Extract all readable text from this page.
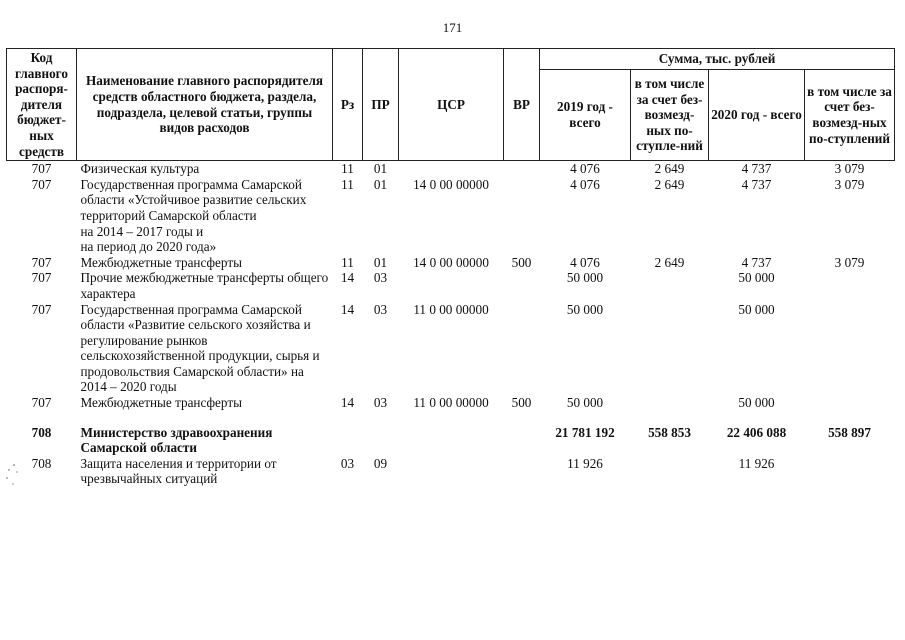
171
Код главного распоря-дителя бюджет-ных средств	Наименование главного распорядителя средств областного бюджета, раздела, подраздела, целевой статьи, группы видов расходов	Рз	ПР	ЦСР	ВР	Сумма, тыс. рублей			
						2019 год - всего	в том числе за счет без-возмезд-ных по-ступле-ний	2020 год - всего	в том числе за счет без-возмезд-ных по-ступлений
707	Физическая культура	11	01			4 076	2 649	4 737	3 079
707	Государственная программа Самарской области «Устойчивое развитие сельских территорий Самарской области
на 2014 – 2017 годы и
на период до 2020 года»	11	01	14 0 00 00000		4 076	2 649	4 737	3 079
707	Межбюджетные трансферты	11	01	14 0 00 00000	500	4 076	2 649	4 737	3 079
707	Прочие межбюджетные трансферты общего характера	14	03			50 000		50 000	
707	Государственная программа Самарской области «Развитие сельского хозяйства и регулирование рынков сельскохозяйственной продукции, сырья и продовольствия Самарской области» на 2014 – 2020 годы	14	03	11 0 00 00000		50 000		50 000	
707	Межбюджетные трансферты	14	03	11 0 00 00000	500	50 000		50 000	
708	Министерство здравоохранения Самарской области					21 781 192	558 853	22 406 088	558 897
708	Защита населения и территории от чрезвычайных ситуаций	03	09			11 926		11 926	
